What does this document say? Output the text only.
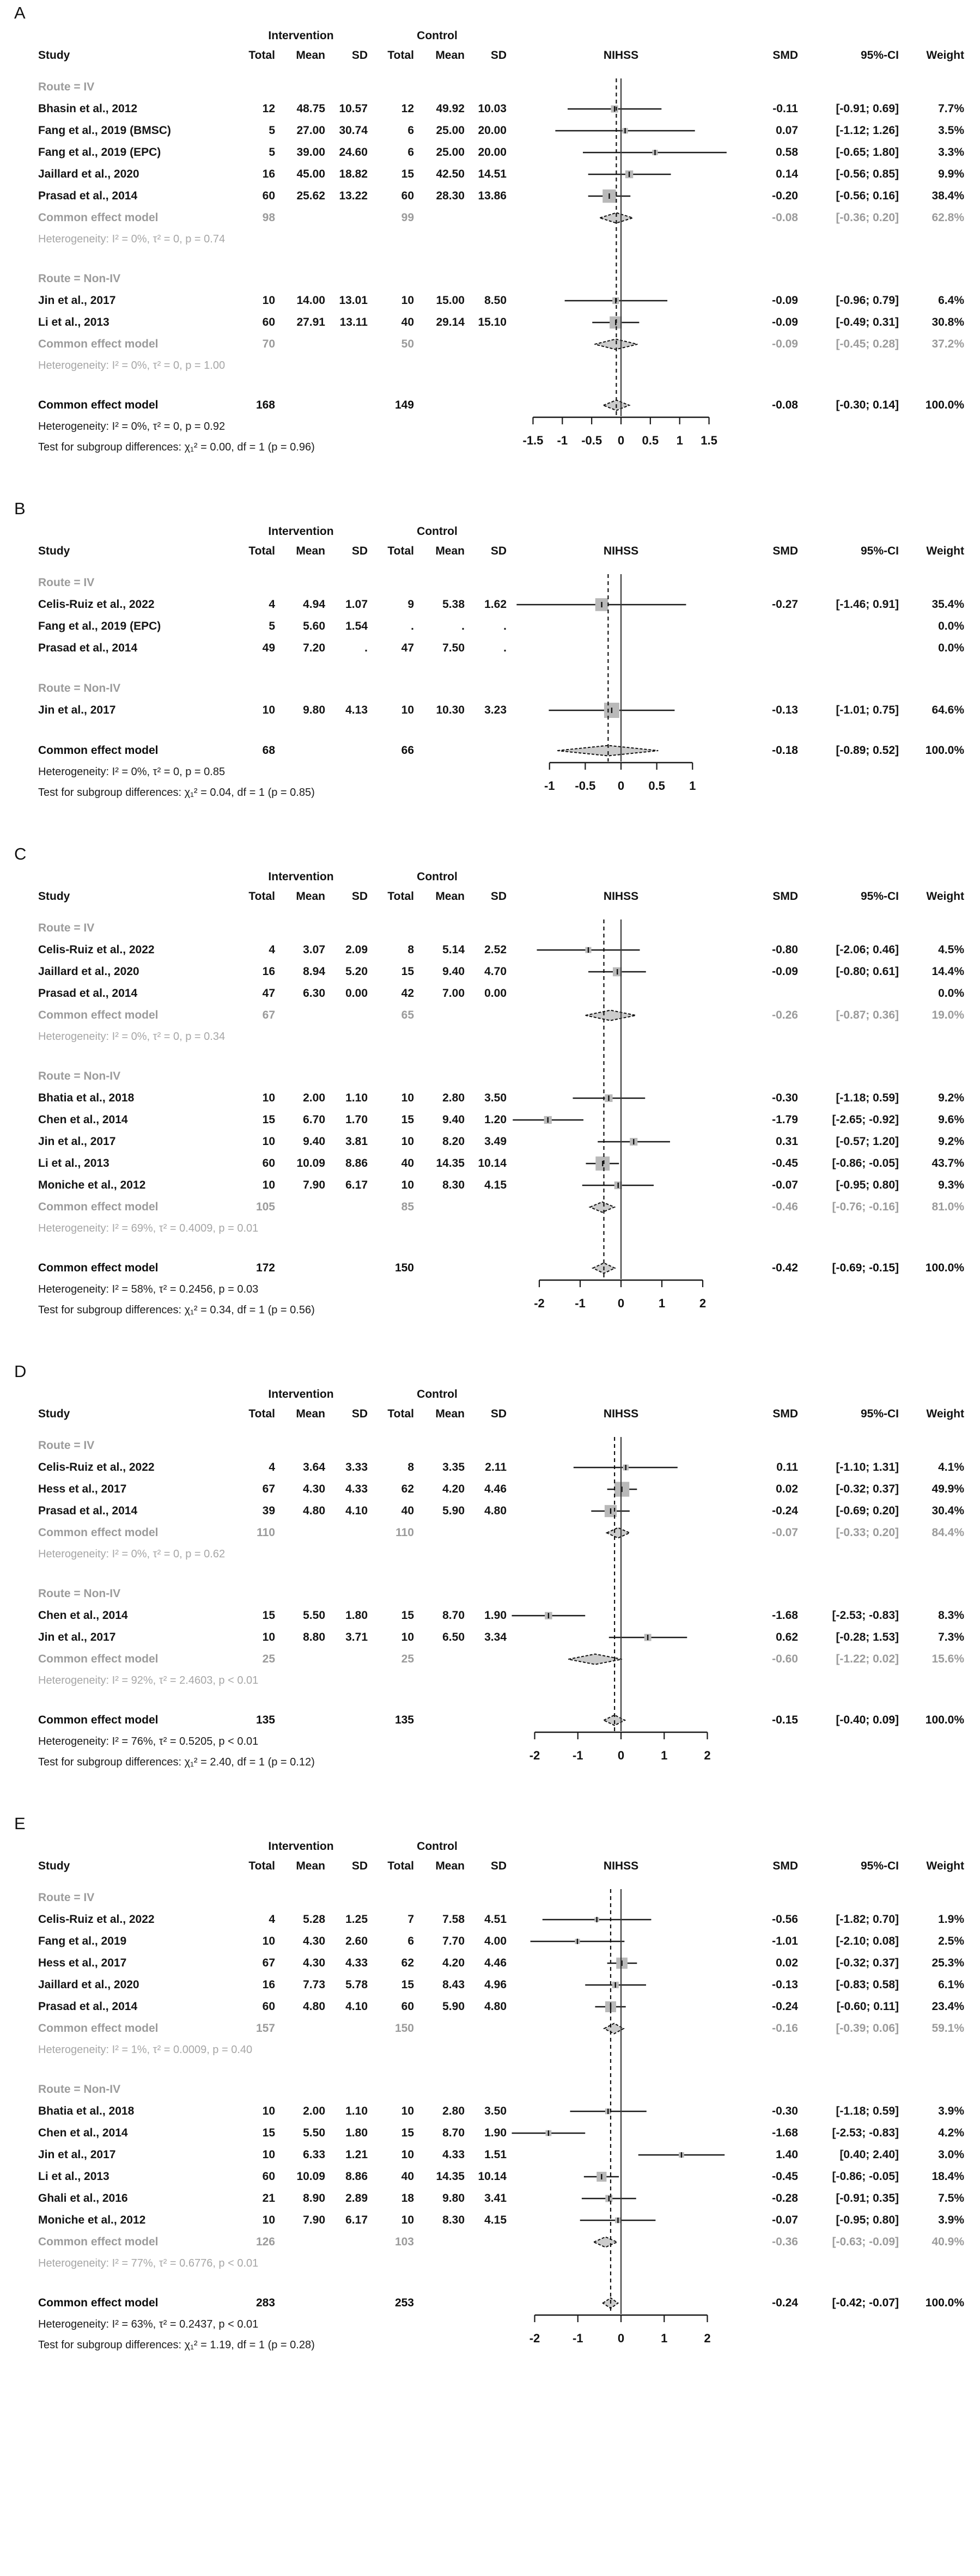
A
Intervention	Control
Study	Total	Mean	SD	Total	Mean	SD	NIHSS	SMD	95%-CI	Weight
Route = IV
Bhasin et al., 2012	12	48.75	10.57	12	49.92	10.03	-0.11	[-0.91; 0.69]	7.7%
Fang et al., 2019 (BMSC)	5	27.00	30.74	6	25.00	20.00	0.07	[-1.12; 1.26]	3.5%
Fang et al., 2019 (EPC)	5	39.00	24.60	6	25.00	20.00	0.58	[-0.65; 1.80]	3.3%
Jaillard et al., 2020	16	45.00	18.82	15	42.50	14.51	0.14	[-0.56; 0.85]	9.9%
Prasad et al., 2014	60	25.62	13.22	60	28.30	13.86	-0.20	[-0.56; 0.16]	38.4%
Common effect model	98	99	-0.08	[-0.36; 0.20]	62.8%
Heterogeneity: I² = 0%, τ² = 0, p = 0.74
Route = Non-IV
Jin et al., 2017	10	14.00	13.01	10	15.00	8.50	-0.09	[-0.96; 0.79]	6.4%
Li et al., 2013	60	27.91	13.11	40	29.14	15.10	-0.09	[-0.49; 0.31]	30.8%
Common effect model	70	50	-0.09	[-0.45; 0.28]	37.2%
Heterogeneity: I² = 0%, τ² = 0, p = 1.00
Common effect model	168	149	-0.08	[-0.30; 0.14]	100.0%
Heterogeneity: I² = 0%, τ² = 0, p = 0.92
Test for subgroup differences: χ₁² = 0.00, df = 1 (p = 0.96)	-1.5 -1 -0.5 0 0.5 1 1.5
B
Intervention	Control
Study	Total	Mean	SD	Total	Mean	SD	NIHSS	SMD	95%-CI	Weight
Route = IV
Celis-Ruiz et al., 2022	4	4.94	1.07	9	5.38	1.62	-0.27	[-1.46; 0.91]	35.4%
Fang et al., 2019 (EPC)	5	5.60	1.54	.	.	.	0.0%
Prasad et al., 2014	49	7.20	.	47	7.50	.	0.0%
Route = Non-IV
Jin et al., 2017	10	9.80	4.13	10	10.30	3.23	-0.13	[-1.01; 0.75]	64.6%
Common effect model	68	66	-0.18	[-0.89; 0.52]	100.0%
Heterogeneity: I² = 0%, τ² = 0, p = 0.85
Test for subgroup differences: χ₁² = 0.04, df = 1 (p = 0.85)	-1 -0.5 0 0.5 1
C
Intervention	Control
Study	Total	Mean	SD	Total	Mean	SD	NIHSS	SMD	95%-CI	Weight
Route = IV
Celis-Ruiz et al., 2022	4	3.07	2.09	8	5.14	2.52	-0.80	[-2.06; 0.46]	4.5%
Jaillard et al., 2020	16	8.94	5.20	15	9.40	4.70	-0.09	[-0.80; 0.61]	14.4%
Prasad et al., 2014	47	6.30	0.00	42	7.00	0.00	0.0%
Common effect model	67	65	-0.26	[-0.87; 0.36]	19.0%
Heterogeneity: I² = 0%, τ² = 0, p = 0.34
Route = Non-IV
Bhatia et al., 2018	10	2.00	1.10	10	2.80	3.50	-0.30	[-1.18; 0.59]	9.2%
Chen et al., 2014	15	6.70	1.70	15	9.40	1.20	-1.79	[-2.65; -0.92]	9.6%
Jin et al., 2017	10	9.40	3.81	10	8.20	3.49	0.31	[-0.57; 1.20]	9.2%
Li et al., 2013	60	10.09	8.86	40	14.35	10.14	-0.45	[-0.86; -0.05]	43.7%
Moniche et al., 2012	10	7.90	6.17	10	8.30	4.15	-0.07	[-0.95; 0.80]	9.3%
Common effect model	105	85	-0.46	[-0.76; -0.16]	81.0%
Heterogeneity: I² = 69%, τ² = 0.4009, p = 0.01
Common effect model	172	150	-0.42	[-0.69; -0.15]	100.0%
Heterogeneity: I² = 58%, τ² = 0.2456, p = 0.03
Test for subgroup differences: χ₁² = 0.34, df = 1 (p = 0.56)	-2	-1	0	1	2
D
Intervention	Control
Study	Total	Mean	SD	Total	Mean	SD	NIHSS	SMD	95%-CI	Weight
Route = IV
Celis-Ruiz et al., 2022	4	3.64	3.33	8	3.35	2.11	0.11	[-1.10; 1.31]	4.1%
Hess et al., 2017	67	4.30	4.33	62	4.20	4.46	0.02	[-0.32; 0.37]	49.9%
Prasad et al., 2014	39	4.80	4.10	40	5.90	4.80	-0.24	[-0.69; 0.20]	30.4%
Common effect model	110	110	-0.07	[-0.33; 0.20]	84.4%
Heterogeneity: I² = 0%, τ² = 0, p = 0.62
Route = Non-IV
Chen et al., 2014	15	5.50	1.80	15	8.70	1.90	-1.68	[-2.53; -0.83]	8.3%
Jin et al., 2017	10	8.80	3.71	10	6.50	3.34	0.62	[-0.28; 1.53]	7.3%
Common effect model	25	25	-0.60	[-1.22; 0.02]	15.6%
Heterogeneity: I² = 92%, τ² = 2.4603, p < 0.01
Common effect model	135	135	-0.15	[-0.40; 0.09]	100.0%
Heterogeneity: I² = 76%, τ² = 0.5205, p < 0.01
Test for subgroup differences: χ₁² = 2.40, df = 1 (p = 0.12)	-2	-1	0	1	2
E
Intervention	Control
Study	Total	Mean	SD	Total	Mean	SD	NIHSS	SMD	95%-CI	Weight
Route = IV
Celis-Ruiz et al., 2022	4	5.28	1.25	7	7.58	4.51	-0.56	[-1.82; 0.70]	1.9%
Fang et al., 2019	10	4.30	2.60	6	7.70	4.00	-1.01	[-2.10; 0.08]	2.5%
Hess et al., 2017	67	4.30	4.33	62	4.20	4.46	0.02	[-0.32; 0.37]	25.3%
Jaillard et al., 2020	16	7.73	5.78	15	8.43	4.96	-0.13	[-0.83; 0.58]	6.1%
Prasad et al., 2014	60	4.80	4.10	60	5.90	4.80	-0.24	[-0.60; 0.11]	23.4%
Common effect model	157	150	-0.16	[-0.39; 0.06]	59.1%
Heterogeneity: I² = 1%, τ² = 0.0009, p = 0.40
Route = Non-IV
Bhatia et al., 2018	10	2.00	1.10	10	2.80	3.50	-0.30	[-1.18; 0.59]	3.9%
Chen et al., 2014	15	5.50	1.80	15	8.70	1.90	-1.68	[-2.53; -0.83]	4.2%
Jin et al., 2017	10	6.33	1.21	10	4.33	1.51	1.40	[0.40; 2.40]	3.0%
Li et al., 2013	60	10.09	8.86	40	14.35	10.14	-0.45	[-0.86; -0.05]	18.4%
Ghali et al., 2016	21	8.90	2.89	18	9.80	3.41	-0.28	[-0.91; 0.35]	7.5%
Moniche et al., 2012	10	7.90	6.17	10	8.30	4.15	-0.07	[-0.95; 0.80]	3.9%
Common effect model	126	103	-0.36	[-0.63; -0.09]	40.9%
Heterogeneity: I² = 77%, τ² = 0.6776, p < 0.01
Common effect model	283	253	-0.24	[-0.42; -0.07]	100.0%
Heterogeneity: I² = 63%, τ² = 0.2437, p < 0.01
Test for subgroup differences: χ₁² = 1.19, df = 1 (p = 0.28)	-2	-1	0	1	2
